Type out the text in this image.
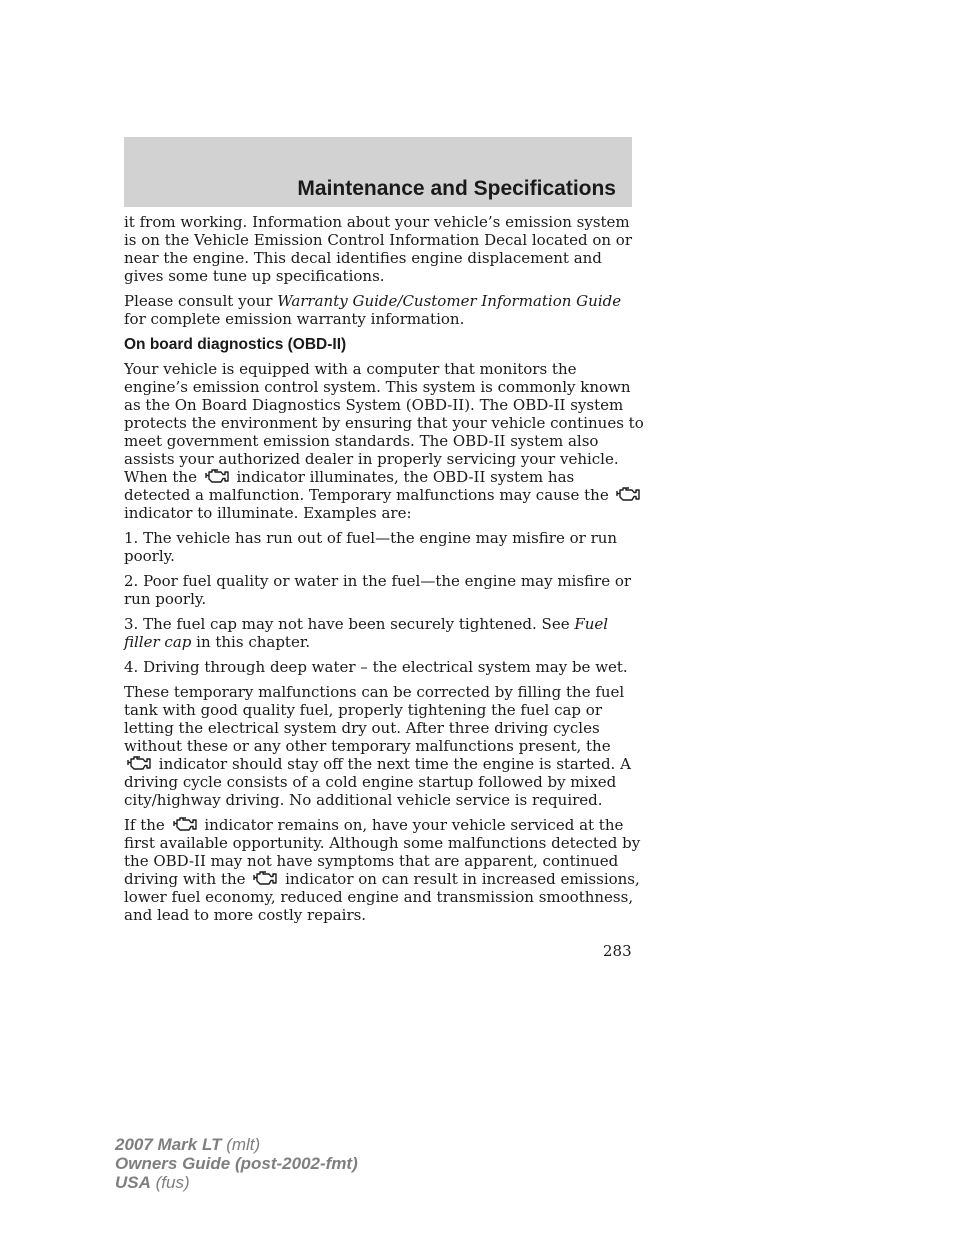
Maintenance and Specifications

it from working. Information about your vehicle’s emission system is on the Vehicle Emission Control Information Decal located on or near the engine. This decal identifies engine displacement and gives some tune up specifications.

Please consult your Warranty Guide/Customer Information Guide for complete emission warranty information.

On board diagnostics (OBD-II)

Your vehicle is equipped with a computer that monitors the engine’s emission control system. This system is commonly known as the On Board Diagnostics System (OBD-II). The OBD-II system protects the environment by ensuring that your vehicle continues to meet government emission standards. The OBD-II system also assists your authorized dealer in properly servicing your vehicle. When the
indicator illuminates, the OBD-II system has detected a malfunction. Temporary malfunctions may cause the
indicator to illuminate. Examples are:

1. The vehicle has run out of fuel—the engine may misfire or run poorly.

2. Poor fuel quality or water in the fuel—the engine may misfire or run poorly.

3. The fuel cap may not have been securely tightened. See Fuel filler cap in this chapter.

4. Driving through deep water – the electrical system may be wet.

These temporary malfunctions can be corrected by filling the fuel tank with good quality fuel, properly tightening the fuel cap or letting the electrical system dry out. After three driving cycles without these or any other temporary malfunctions present, the
indicator should stay off the next time the engine is started. A driving cycle consists of a cold engine startup followed by mixed city/highway driving. No additional vehicle service is required.

If the
indicator remains on, have your vehicle serviced at the first available opportunity. Although some malfunctions detected by the OBD-II may not have symptoms that are apparent, continued driving with the
indicator on can result in increased emissions, lower fuel economy, reduced engine and transmission smoothness, and lead to more costly repairs.

283
2007 Mark LT (mlt)
Owners Guide (post-2002-fmt)
USA (fus)
